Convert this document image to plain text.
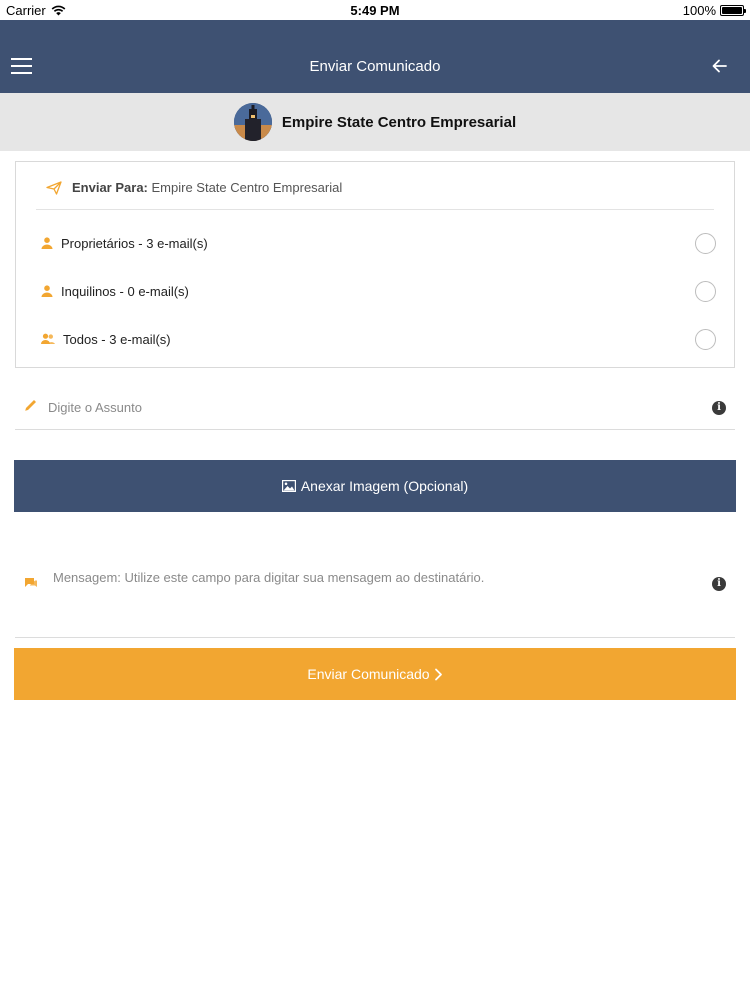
Carrier	5:49 PM	100%
Enviar Comunicado
Empire State Centro Empresarial
Enviar Para: Empire State Centro Empresarial
Proprietários - 3 e-mail(s)
Inquilinos - 0 e-mail(s)
Todos - 3 e-mail(s)
Digite o Assunto
i
Anexar Imagem (Opcional)
Mensagem: Utilize este campo para digitar sua mensagem ao destinatário.
i
Enviar Comunicado
